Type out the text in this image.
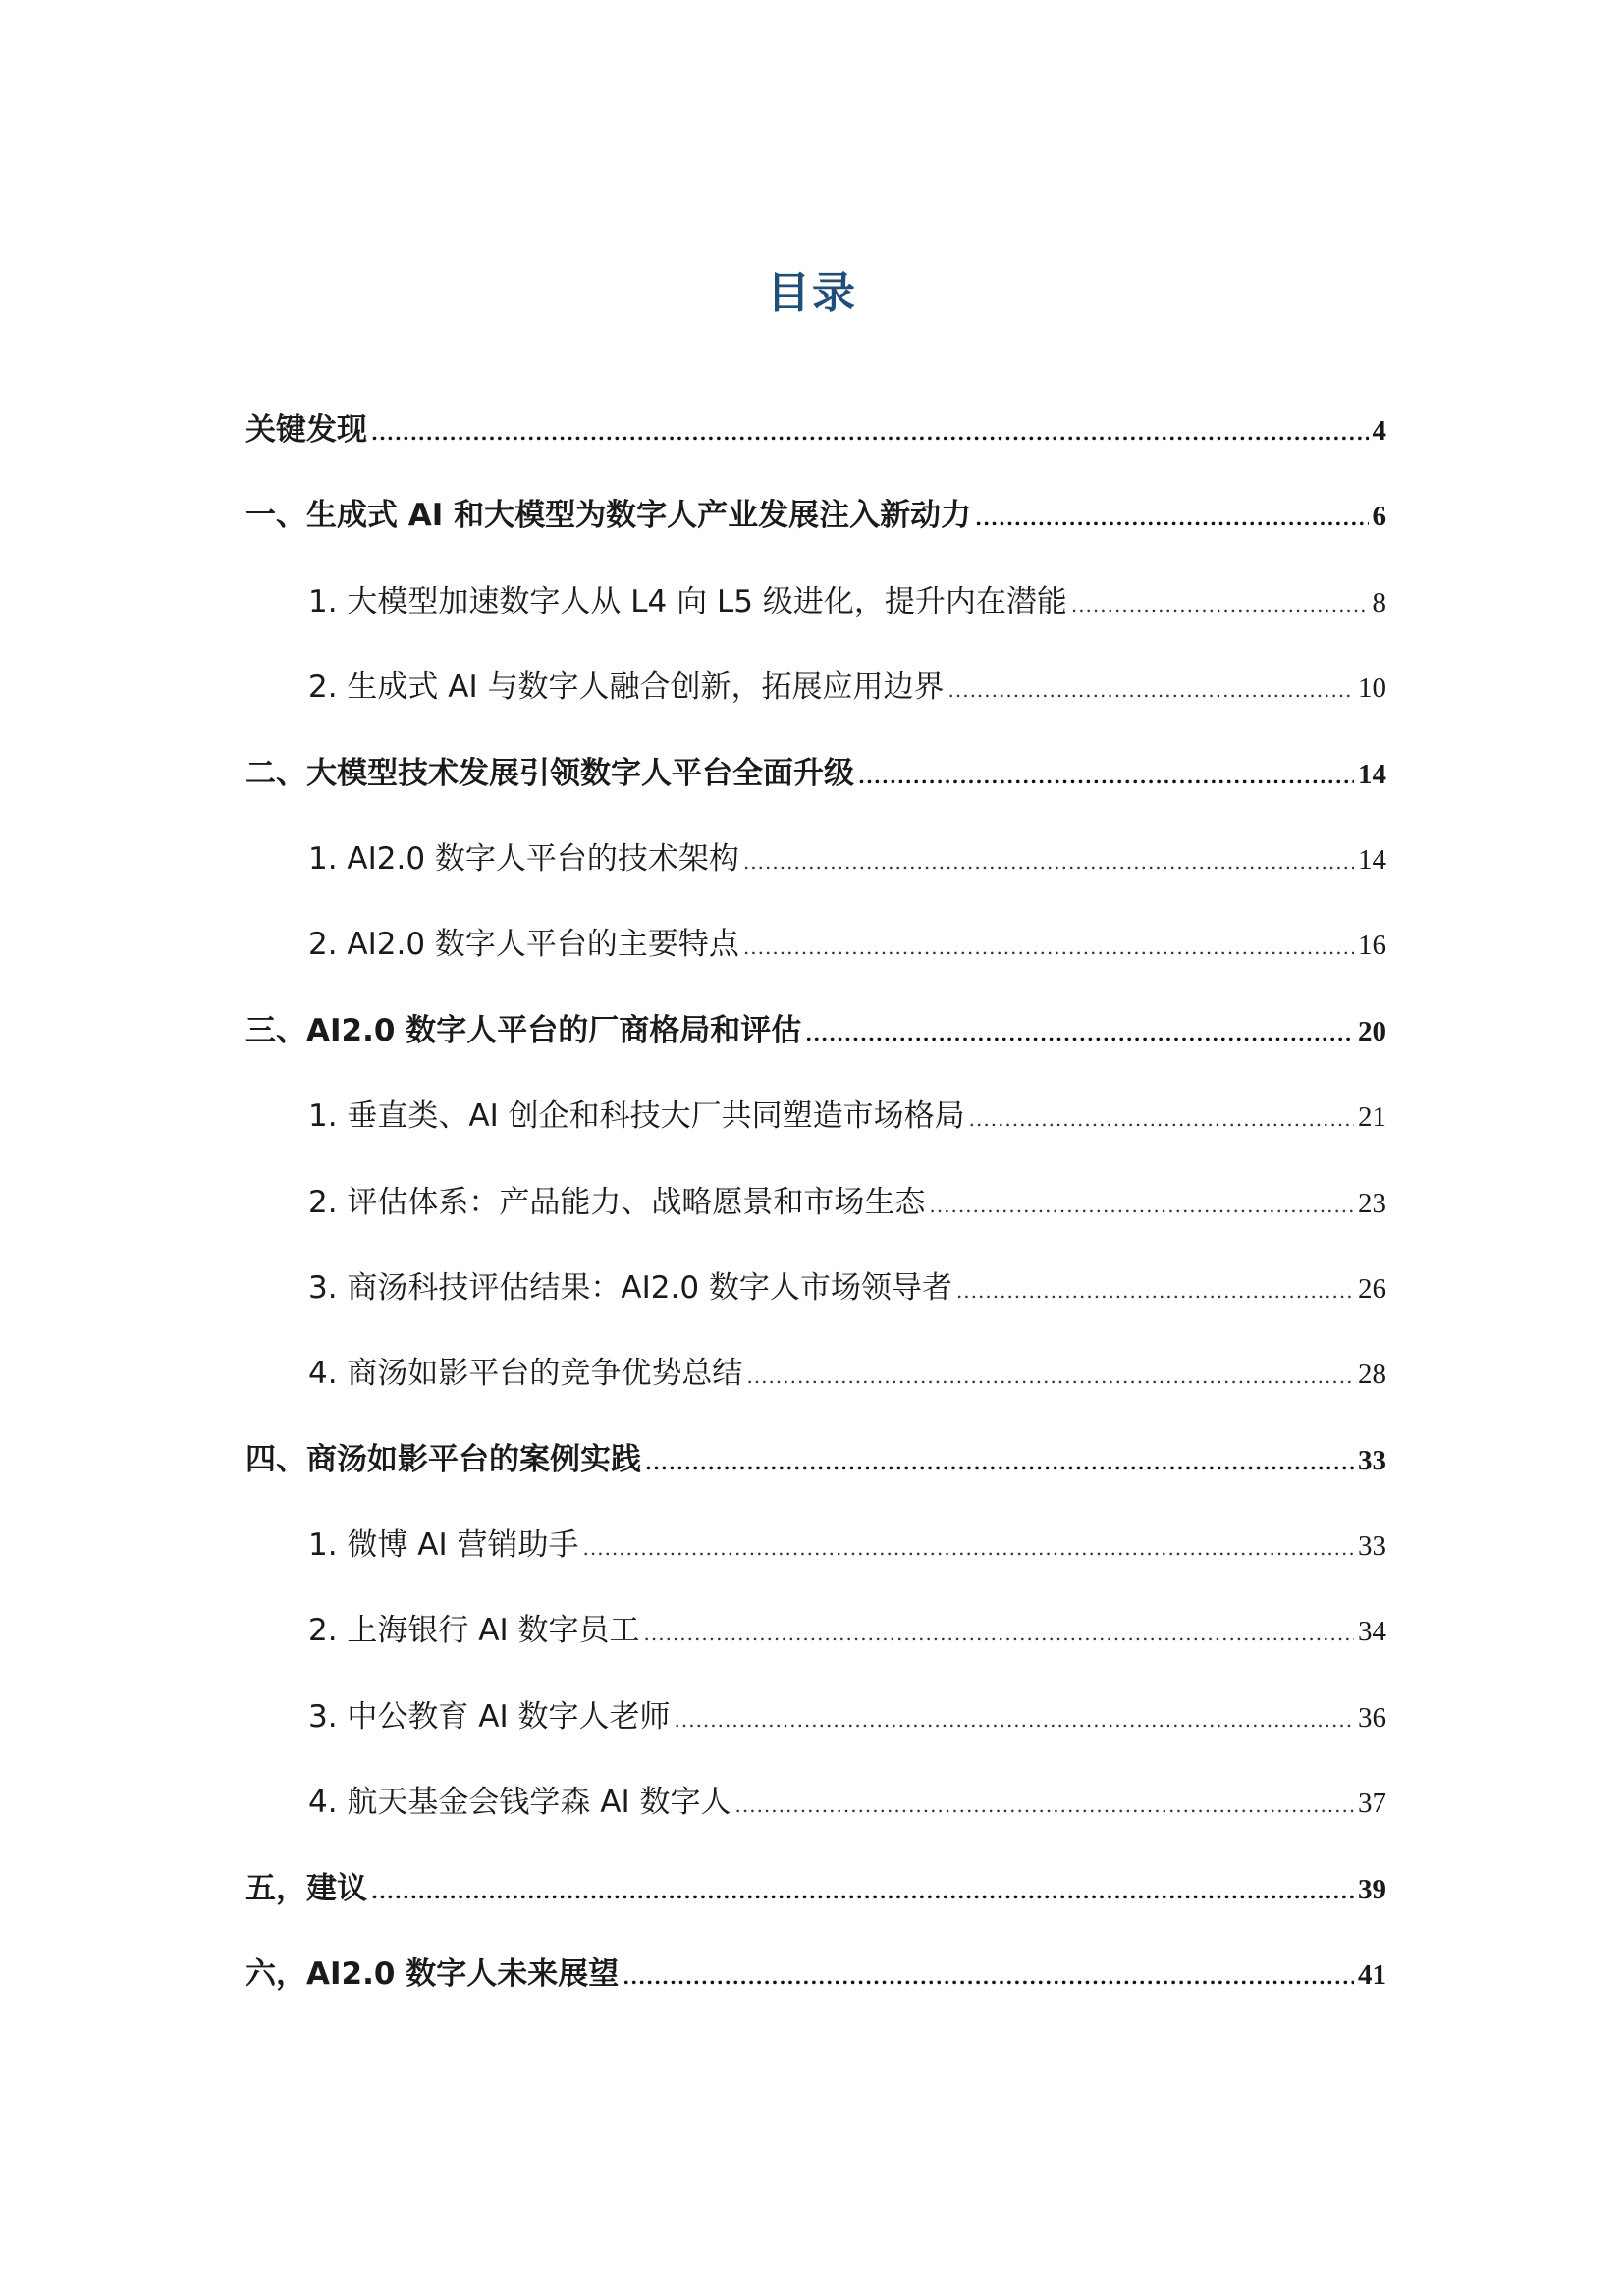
目录
关键发现 .....	4
一、生成式 AI 和大模型为数字人产业发展注入新动力 .....	6
1. 大模型加速数字人从 L4 向 L5 级进化，提升内在潜能 .....	8
2. 生成式 AI 与数字人融合创新，拓展应用边界 .....	10
二、大模型技术发展引领数字人平台全面升级 .....	14
1. AI2.0 数字人平台的技术架构 .....	14
2. AI2.0 数字人平台的主要特点 .....	16
三、AI2.0 数字人平台的厂商格局和评估 .....	20
1. 垂直类、AI 创企和科技大厂共同塑造市场格局 .....	21
2. 评估体系：产品能力、战略愿景和市场生态 .....	23
3. 商汤科技评估结果：AI2.0 数字人市场领导者 .....	26
4. 商汤如影平台的竞争优势总结 .....	28
四、商汤如影平台的案例实践 .....	33
1. 微博 AI 营销助手 .....	33
2. 上海银行 AI 数字员工 .....	34
3. 中公教育 AI 数字人老师 .....	36
4. 航天基金会钱学森 AI 数字人 .....	37
五，建议 .....	39
六，AI2.0 数字人未来展望 .....	41
